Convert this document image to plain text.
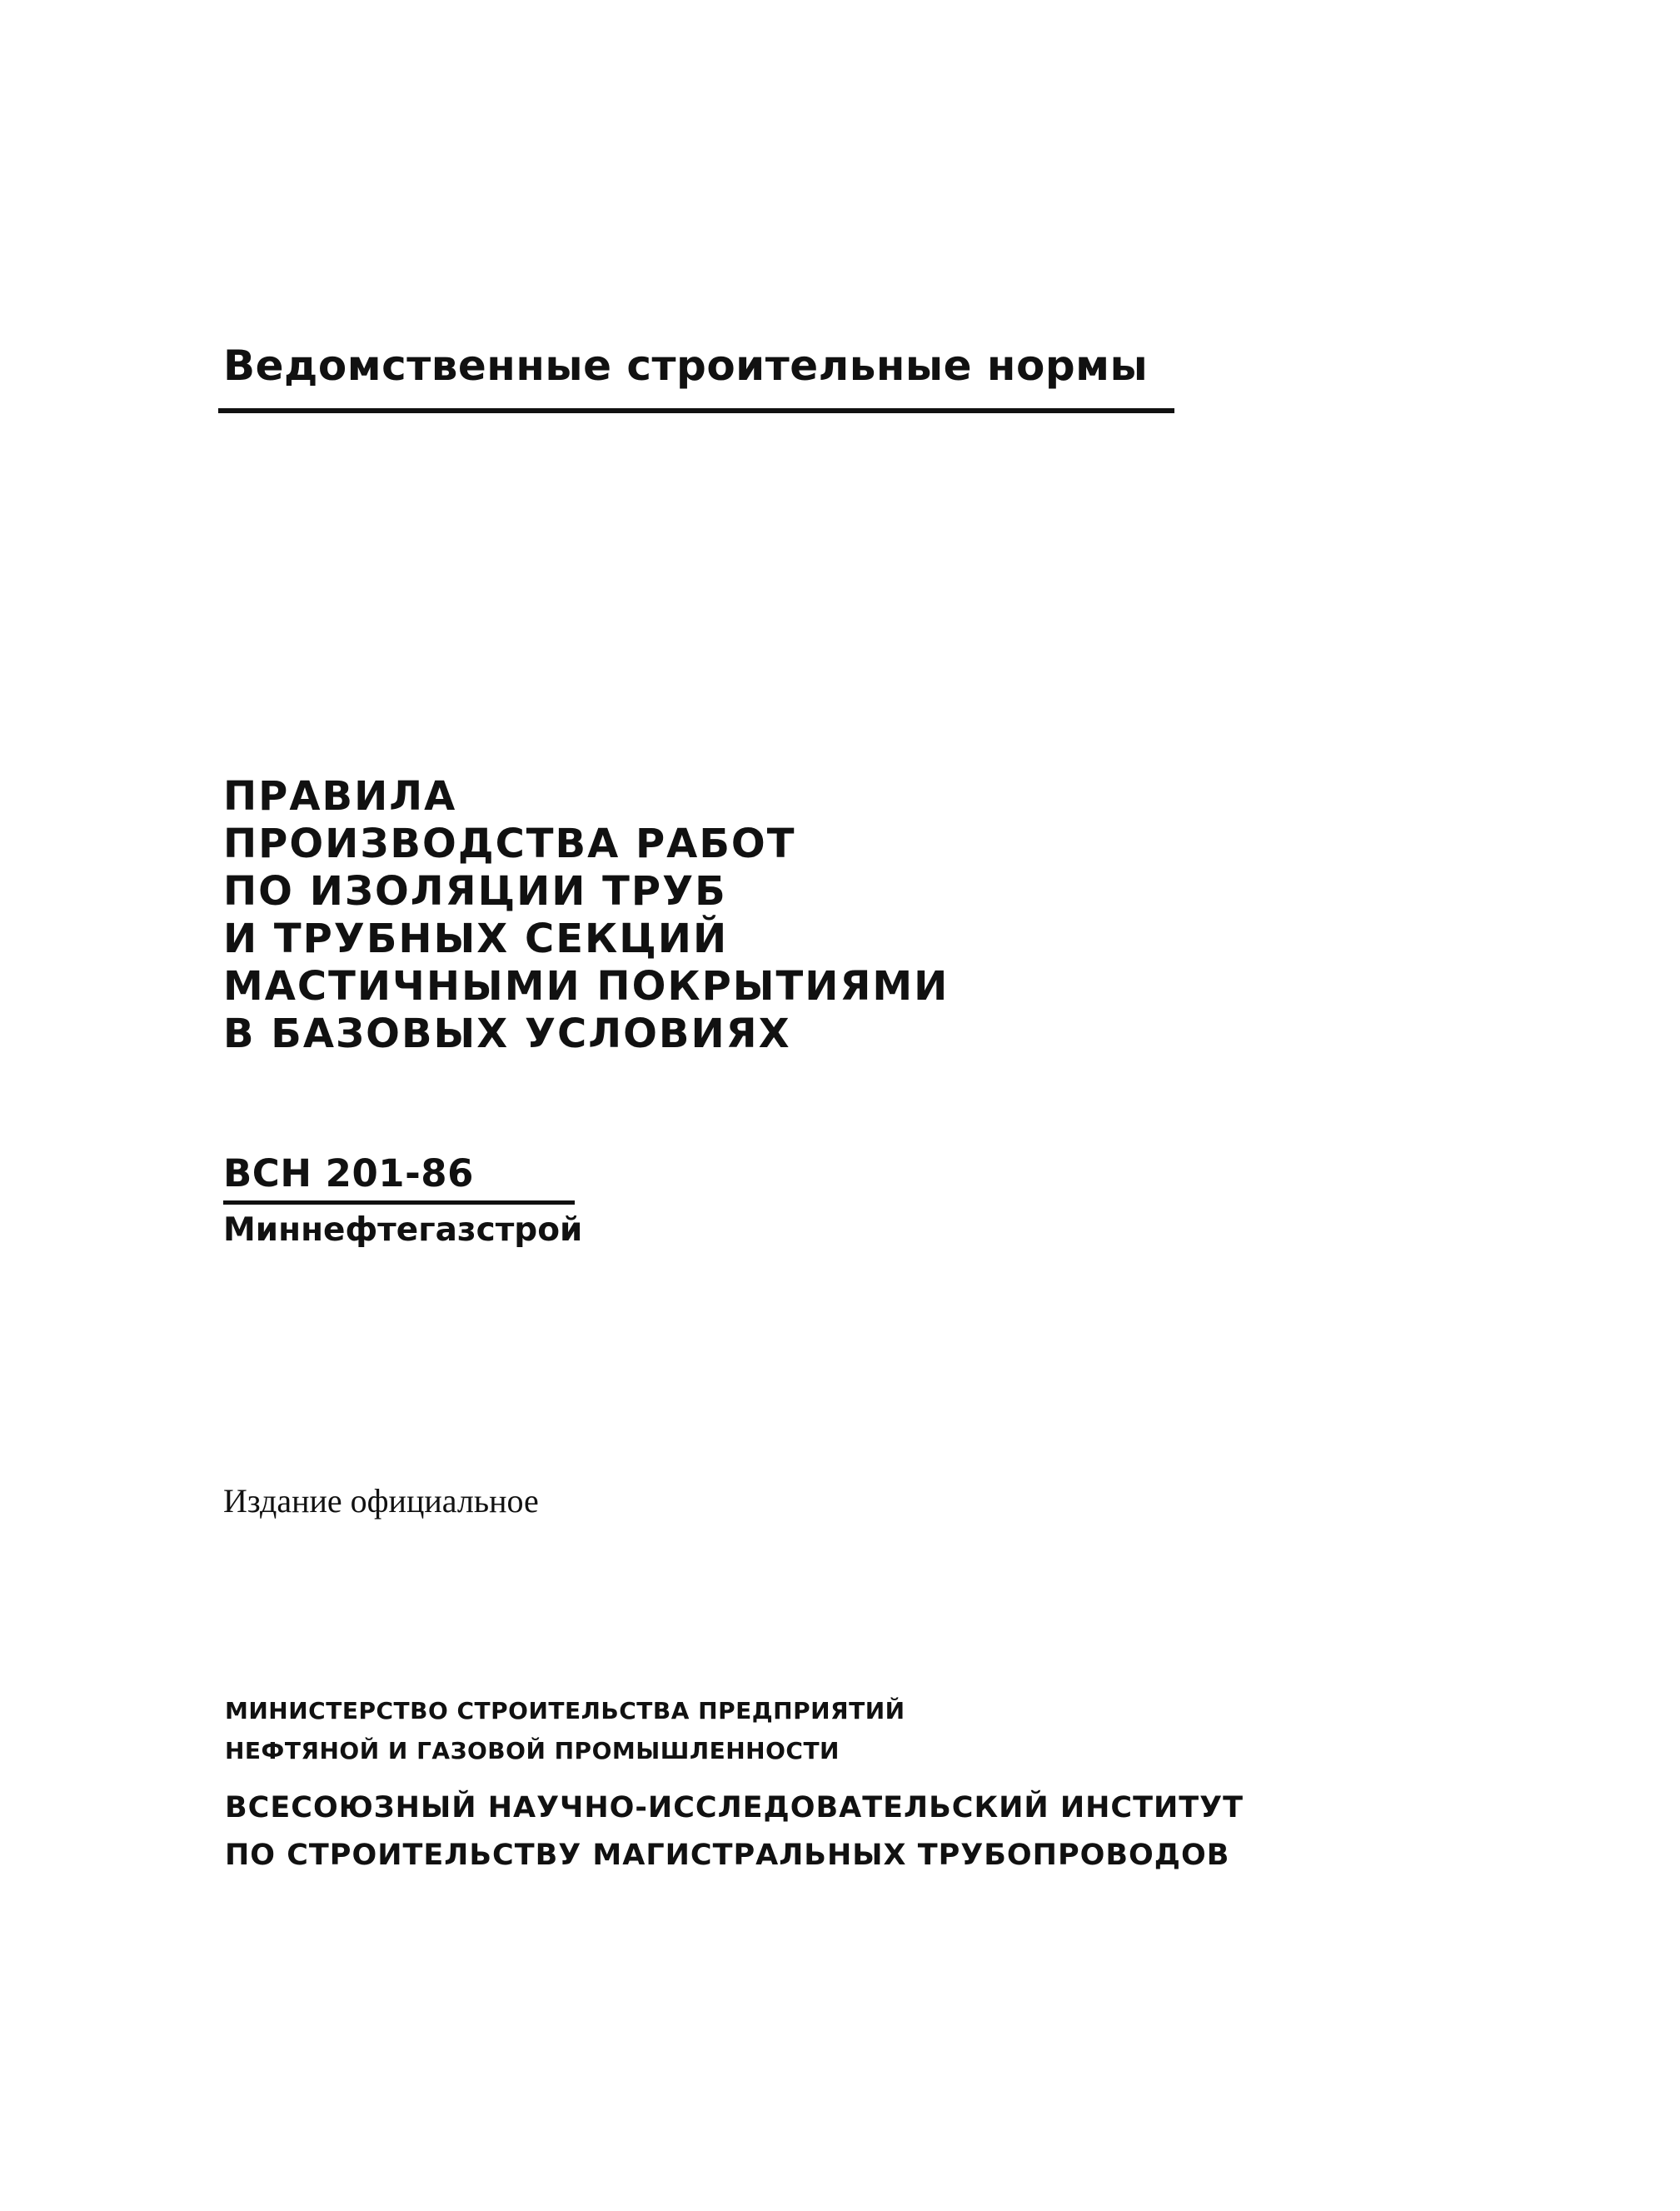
Ведомственные строительные нормы
ПРАВИЛА
ПРОИЗВОДСТВА РАБОТ
ПО ИЗОЛЯЦИИ ТРУБ
И ТРУБНЫХ СЕКЦИЙ
МАСТИЧНЫМИ ПОКРЫТИЯМИ
В БАЗОВЫХ УСЛОВИЯХ
ВСН 201-86
Миннефтегазстрой
Издание официальное
МИНИСТЕРСТВО СТРОИТЕЛЬСТВА ПРЕДПРИЯТИЙ
НЕФТЯНОЙ И ГАЗОВОЙ ПРОМЫШЛЕННОСТИ
ВСЕСОЮЗНЫЙ НАУЧНО-ИССЛЕДОВАТЕЛЬСКИЙ ИНСТИТУТ
ПО СТРОИТЕЛЬСТВУ МАГИСТРАЛЬНЫХ ТРУБОПРОВОДОВ
